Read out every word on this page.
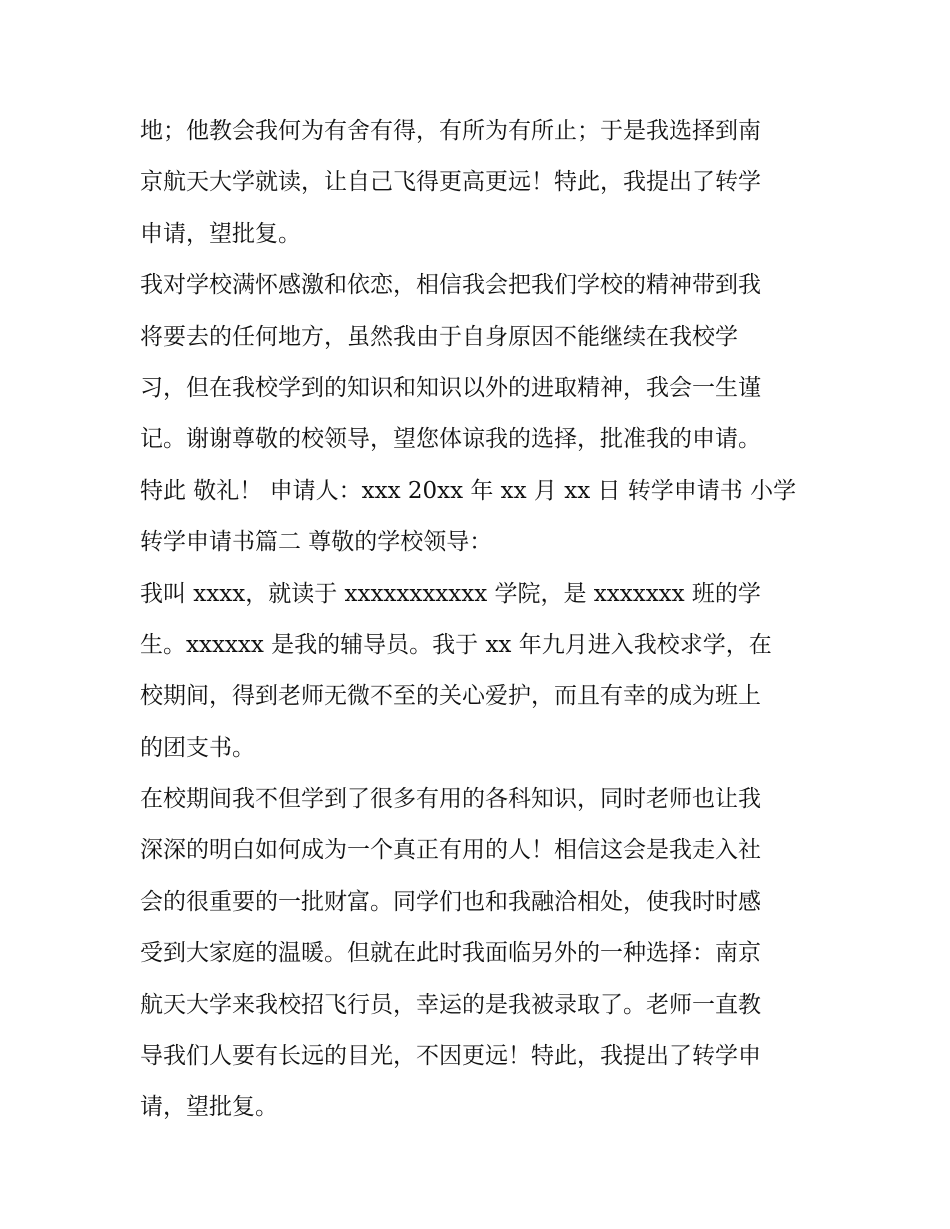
地；他教会我何为有舍有得，有所为有所止；于是我选择到南
京航天大学就读，让自己飞得更高更远！特此，我提出了转学
申请，望批复。
我对学校满怀感激和依恋，相信我会把我们学校的精神带到我
将要去的任何地方，虽然我由于自身原因不能继续在我校学
习，但在我校学到的知识和知识以外的进取精神，我会一生谨
记。谢谢尊敬的校领导，望您体谅我的选择，批准我的申请。
特此 敬礼！ 申请人：xxx 20xx 年 xx 月 xx 日 转学申请书 小学
转学申请书篇二 尊敬的学校领导：
我叫 xxxx，就读于 xxxxxxxxxxx 学院，是 xxxxxxx 班的学
生。xxxxxx 是我的辅导员。我于 xx 年九月进入我校求学，在
校期间，得到老师无微不至的关心爱护，而且有幸的成为班上
的团支书。
在校期间我不但学到了很多有用的各科知识，同时老师也让我
深深的明白如何成为一个真正有用的人！相信这会是我走入社
会的很重要的一批财富。同学们也和我融洽相处，使我时时感
受到大家庭的温暖。但就在此时我面临另外的一种选择：南京
航天大学来我校招飞行员，幸运的是我被录取了。老师一直教
导我们人要有长远的目光，不因更远！特此，我提出了转学申
请，望批复。
